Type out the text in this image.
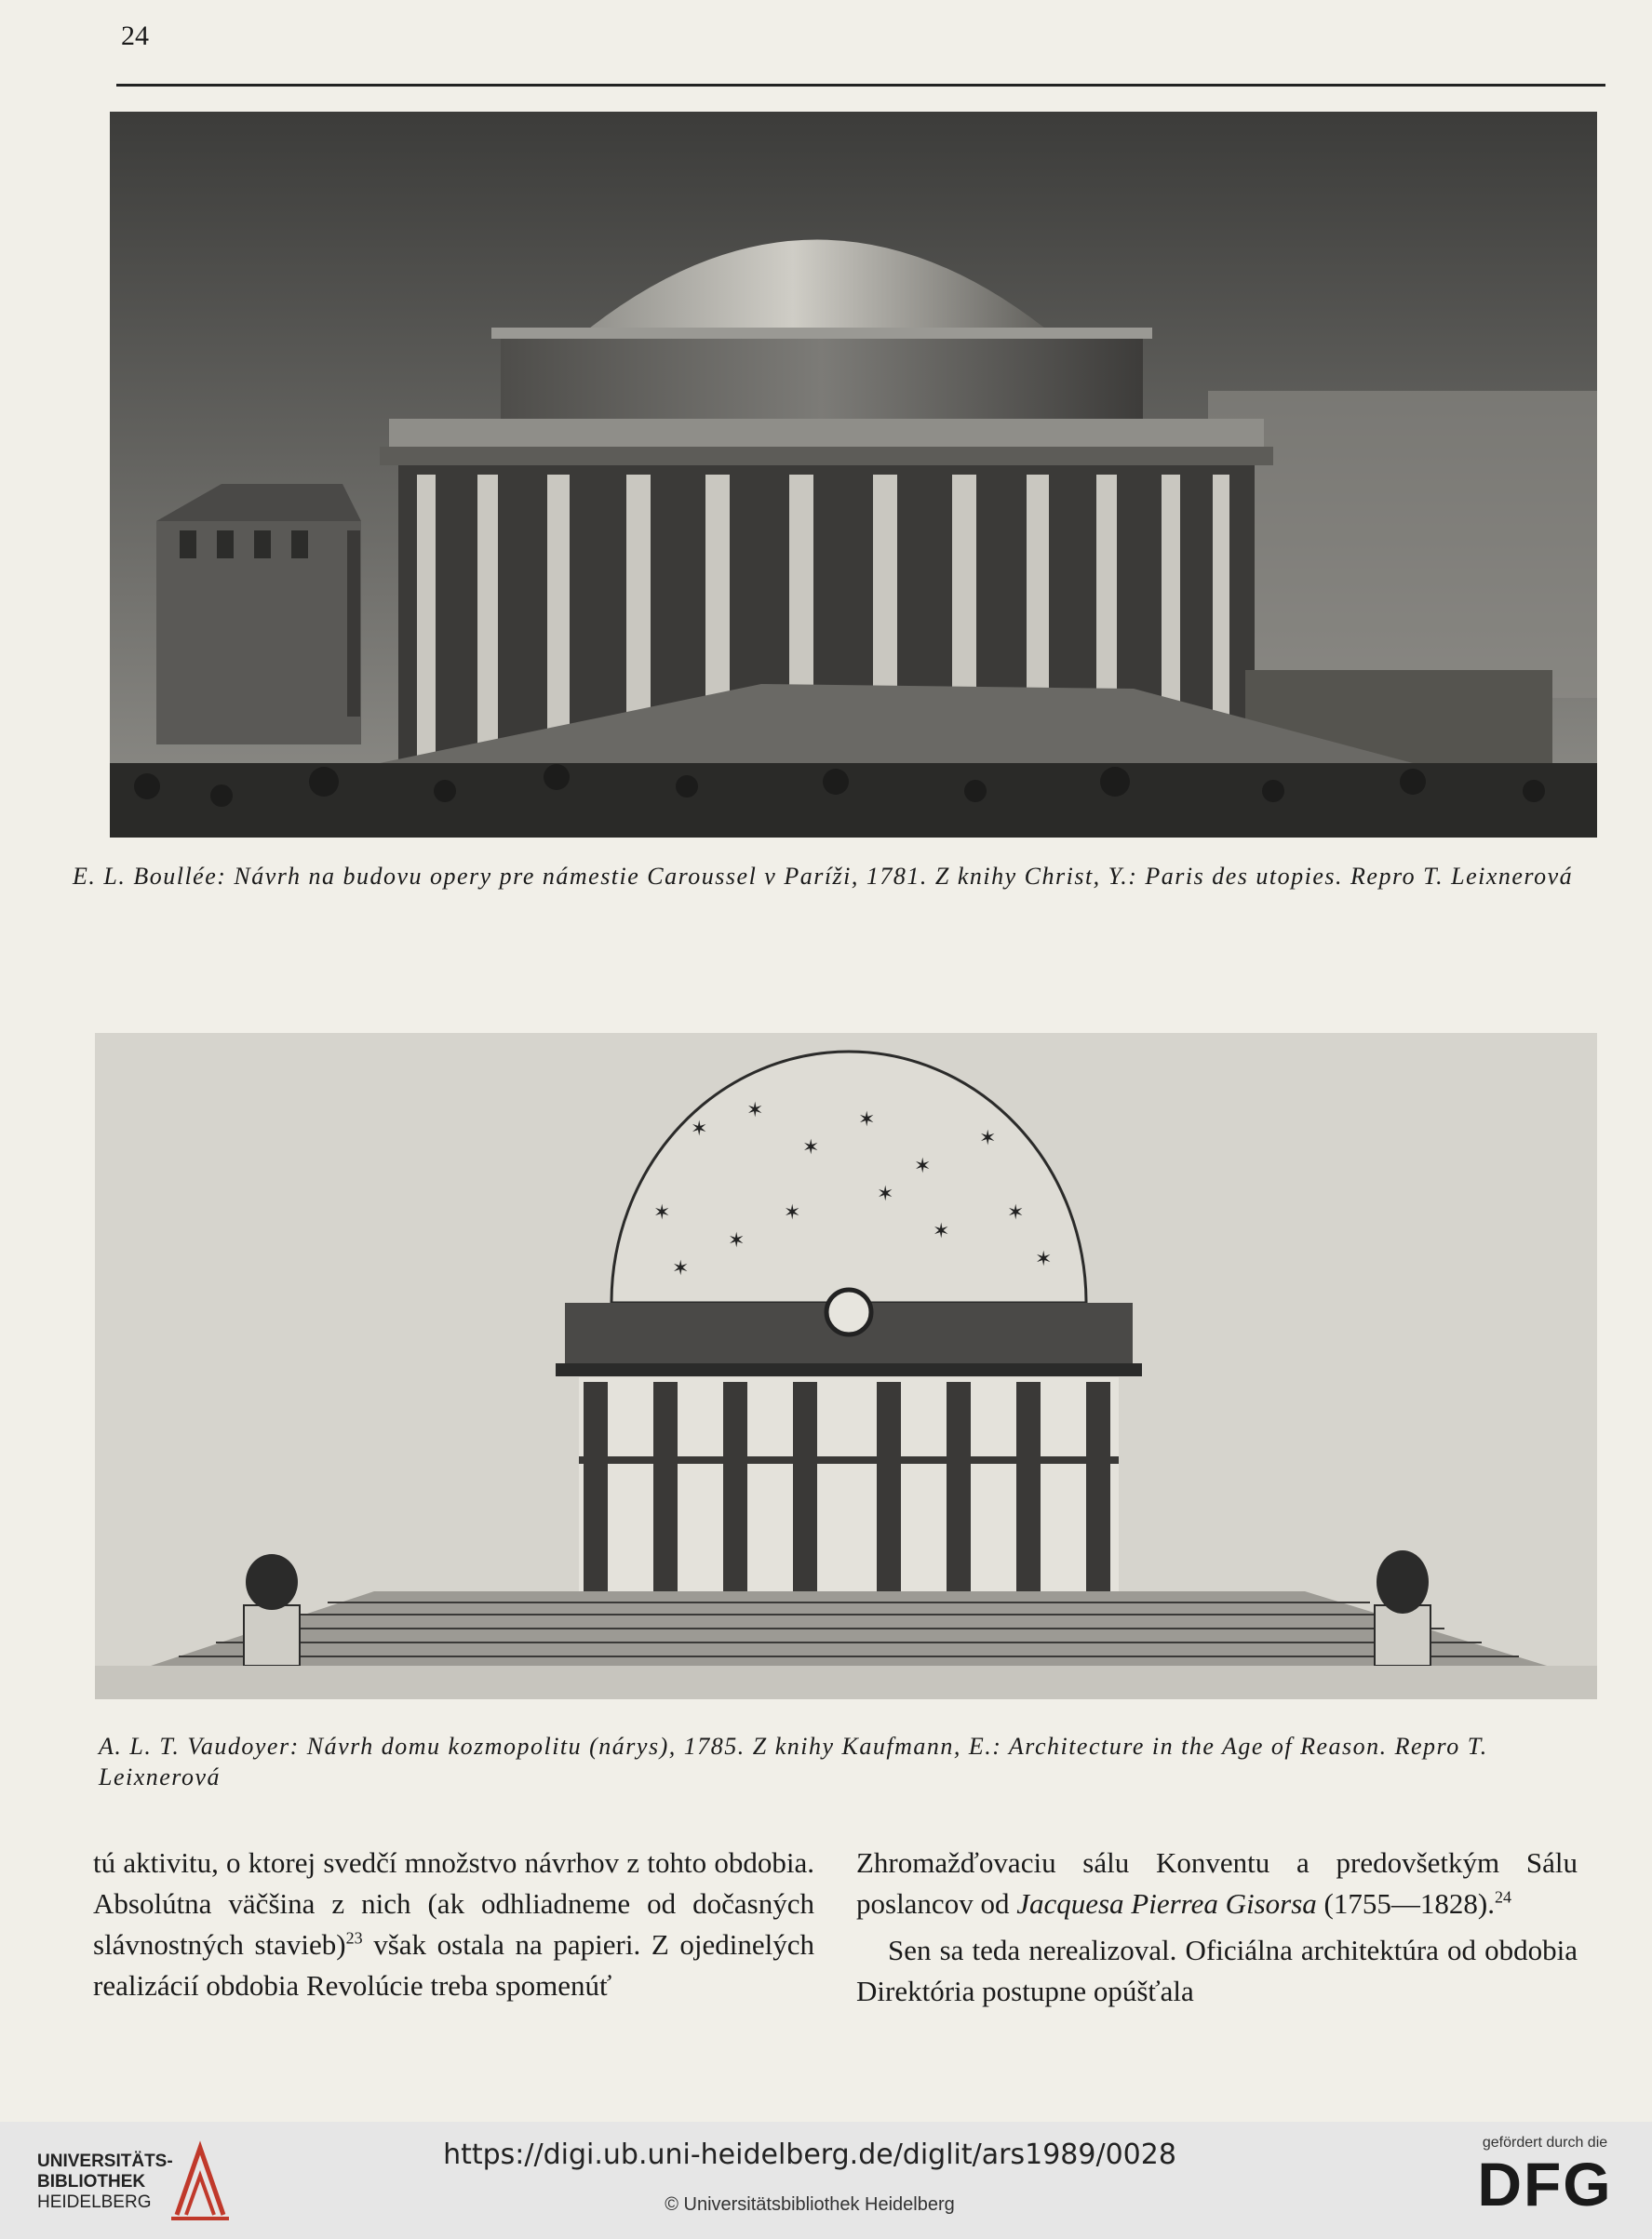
24
E. L. Boullée: Návrh na budovu opery pre námestie Caroussel v Paríži, 1781. Z knihy Christ, Y.: Paris des utopies. Repro T. Leixnerová
✶
✶
✶
✶
✶
✶
✶
✶
✶
✶
✶
✶
✶
✶
A. L. T. Vaudoyer: Návrh domu kozmopolitu (nárys), 1785. Z knihy Kaufmann, E.: Architecture in the Age of Reason. Repro T. Leixnerová

tú aktivitu, o ktorej svedčí množstvo návrhov z tohto obdobia. Absolútna väčšina z nich (ak odhliadneme od dočasných slávnostných stavieb)$^{23}$ však ostala na papieri. Z ojedinelých realizácií obdobia Revolúcie treba spomenúť

Zhromažďovaciu sálu Konventu a predovšetkým Sálu poslancov od Jacquesa Pierrea Gisorsa (1755—1828).$^{24}$

Sen sa teda nerealizoval. Oficiálna architektúra od obdobia Direktória postupne opúšťala

UNIVERSITÄTS-
BIBLIOTHEK
HEIDELBERG
https://digi.ub.uni-heidelberg.de/diglit/ars1989/0028
© Universitätsbibliothek Heidelberg
gefördert durch die
DFG
